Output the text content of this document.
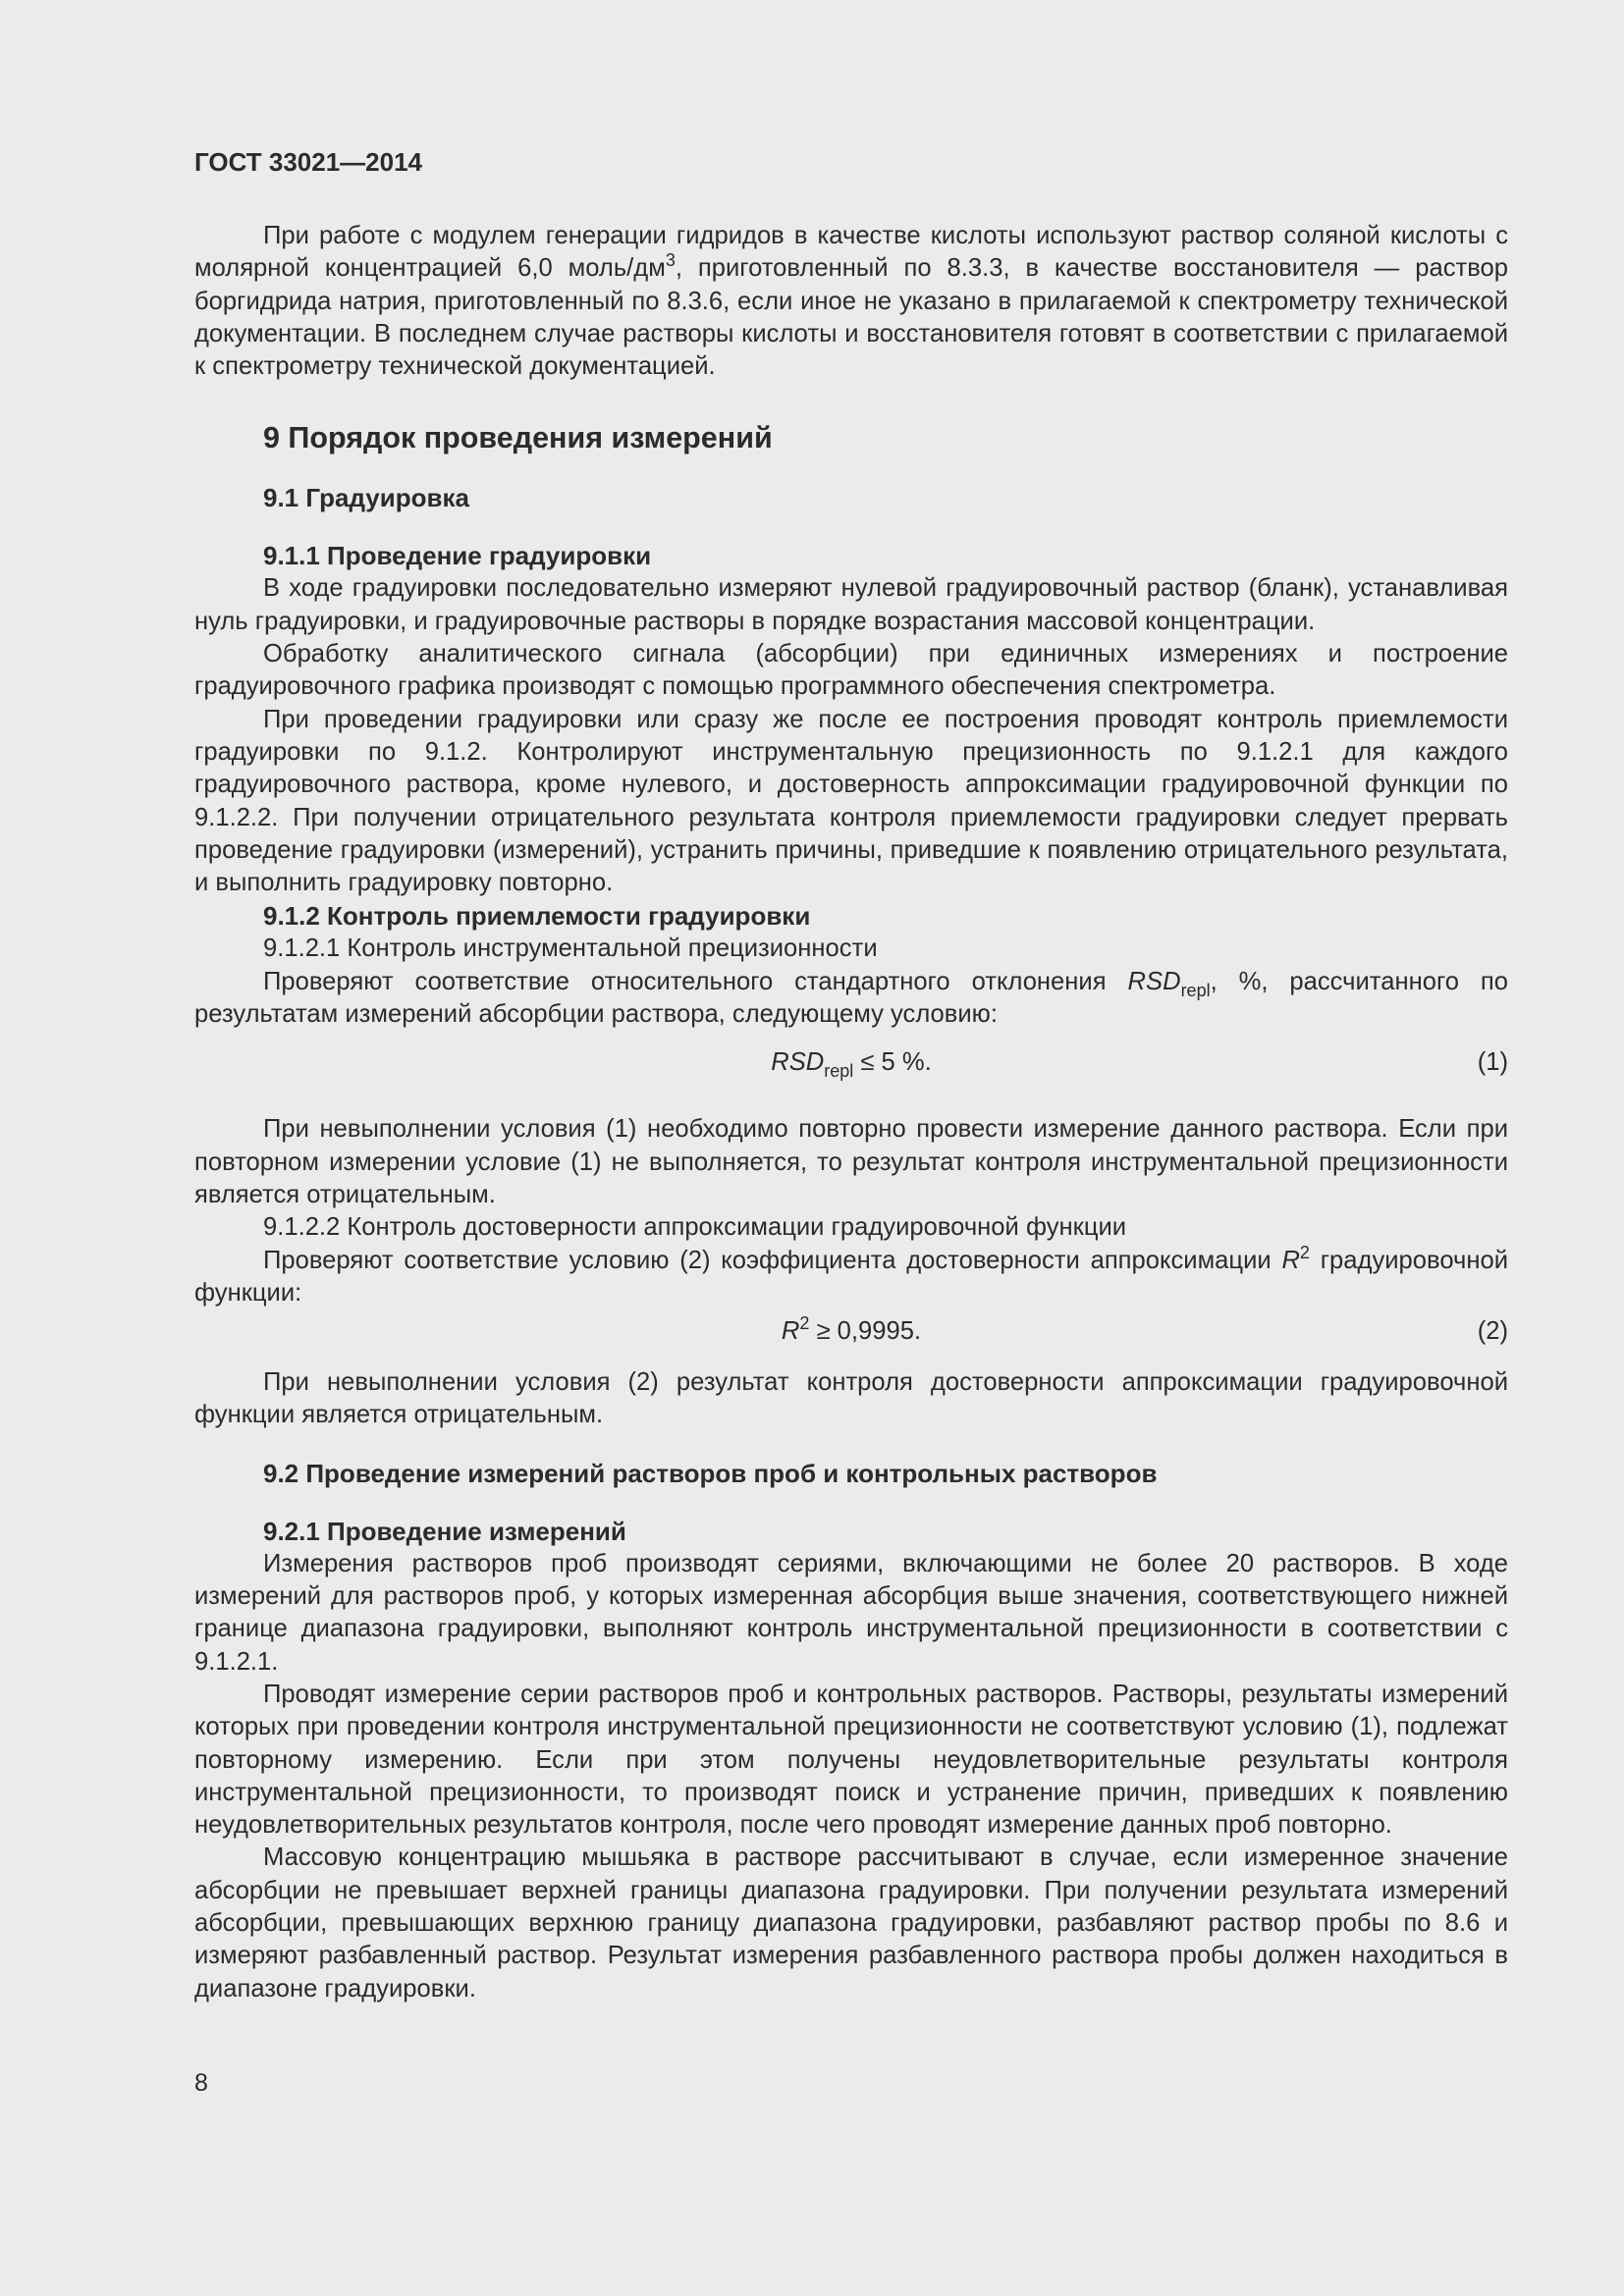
ГОСТ 33021—2014

При работе с модулем генерации гидридов в качестве кислоты используют раствор соляной кислоты с молярной концентрацией 6,0 моль/$дм^3$, приготовленный по 8.3.3, в качестве восстановителя — раствор боргидрида натрия, приготовленный по 8.3.6, если иное не указано в прилагаемой к спектрометру технической документации. В последнем случае растворы кислоты и восстановителя готовят в соответствии с прилагаемой к спектрометру технической документацией.

9 Порядок проведения измерений
9.1 Градуировка
9.1.1 Проведение градуировки

В ходе градуировки последовательно измеряют нулевой градуировочный раствор (бланк), устанавливая нуль градуировки, и градуировочные растворы в порядке возрастания массовой концентрации.

Обработку аналитического сигнала (абсорбции) при единичных измерениях и построение градуировочного графика производят с помощью программного обеспечения спектрометра.

При проведении градуировки или сразу же после ее построения проводят контроль приемлемости градуировки по 9.1.2. Контролируют инструментальную прецизионность по 9.1.2.1 для каждого градуировочного раствора, кроме нулевого, и достоверность аппроксимации градуировочной функции по 9.1.2.2. При получении отрицательного результата контроля приемлемости градуировки следует прервать проведение градуировки (измерений), устранить причины, приведшие к появлению отрицательного результата, и выполнить градуировку повторно.

9.1.2 Контроль приемлемости градуировки

9.1.2.1 Контроль инструментальной прецизионности

Проверяют соответствие относительного стандартного отклонения $RSD_{repl}$, %, рассчитанного по результатам измерений абсорбции раствора, следующему условию:

$RSD_{repl} \le 5$ %.	(1)

При невыполнении условия (1) необходимо повторно провести измерение данного раствора. Если при повторном измерении условие (1) не выполняется, то результат контроля инструментальной прецизионности является отрицательным.

9.1.2.2 Контроль достоверности аппроксимации градуировочной функции

Проверяют соответствие условию (2) коэффициента достоверности аппроксимации $R^2$ градуировочной функции:

$R^2 \ge 0,9995$.	(2)

При невыполнении условия (2) результат контроля достоверности аппроксимации градуировочной функции является отрицательным.

9.2 Проведение измерений растворов проб и контрольных растворов
9.2.1 Проведение измерений

Измерения растворов проб производят сериями, включающими не более 20 растворов. В ходе измерений для растворов проб, у которых измеренная абсорбция выше значения, соответствующего нижней границе диапазона градуировки, выполняют контроль инструментальной прецизионности в соответствии с 9.1.2.1.

Проводят измерение серии растворов проб и контрольных растворов. Растворы, результаты измерений которых при проведении контроля инструментальной прецизионности не соответствуют условию (1), подлежат повторному измерению. Если при этом получены неудовлетворительные результаты контроля инструментальной прецизионности, то производят поиск и устранение причин, приведших к появлению неудовлетворительных результатов контроля, после чего проводят измерение данных проб повторно.

Массовую концентрацию мышьяка в растворе рассчитывают в случае, если измеренное значение абсорбции не превышает верхней границы диапазона градуировки. При получении результата измерений абсорбции, превышающих верхнюю границу диапазона градуировки, разбавляют раствор пробы по 8.6 и измеряют разбавленный раствор. Результат измерения разбавленного раствора пробы должен находиться в диапазоне градуировки.

8
